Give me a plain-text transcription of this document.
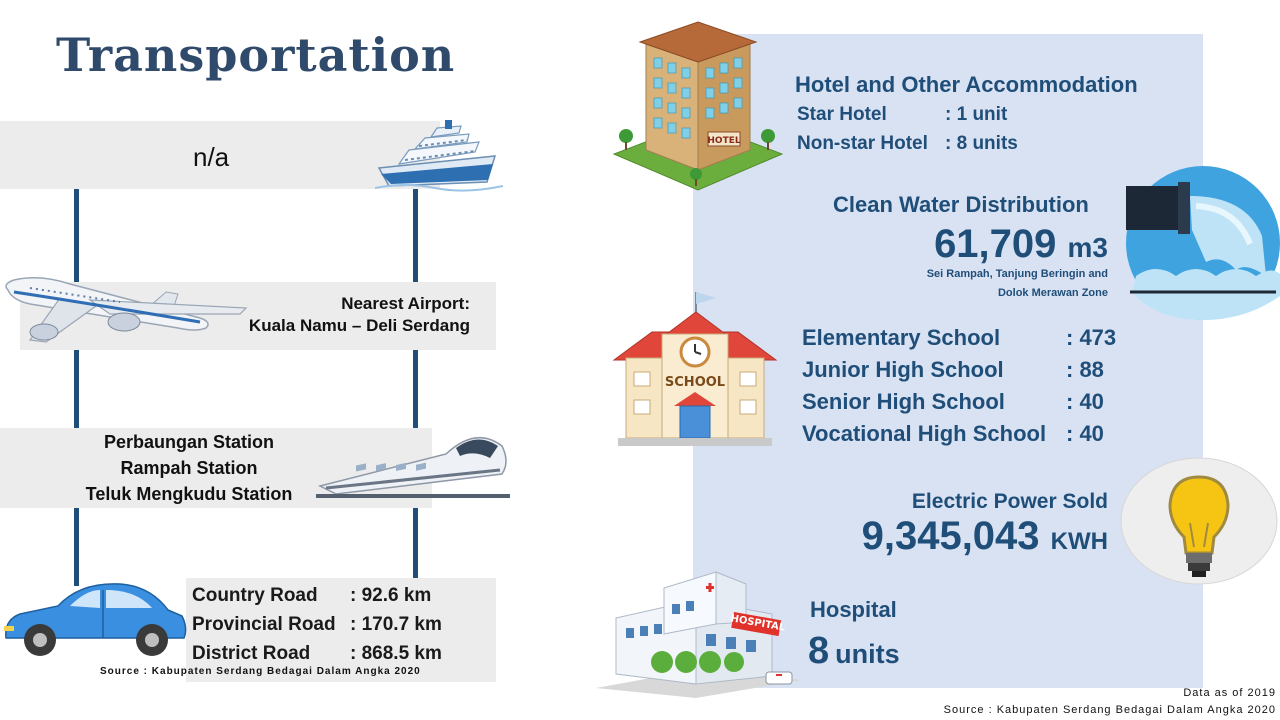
Transportation
n/a
Nearest Airport:
Kuala Namu – Deli Serdang
Perbaungan Station
Rampah Station
Teluk Mengkudu Station
Country Road : 92.6 km
Provincial Road : 170.7 km
District Road : 868.5 km
Source : Kabupaten Serdang Bedagai Dalam Angka 2020
HOTEL
Hotel and Other Accommodation
Star Hotel	: 1 unit
Non-star Hotel : 8 units
Clean Water Distribution
61,709 m3
Sei Rampah, Tanjung Beringin and
Dolok Merawan Zone
SCHOOL
Elementary School	: 473
Junior High School	: 88
Senior High School	: 40
Vocational High School : 40
Electric Power Sold
9,345,043 KWH
HOSPITAL
Hospital
8 units
Data as of 2019
Source : Kabupaten Serdang Bedagai Dalam Angka 2020
